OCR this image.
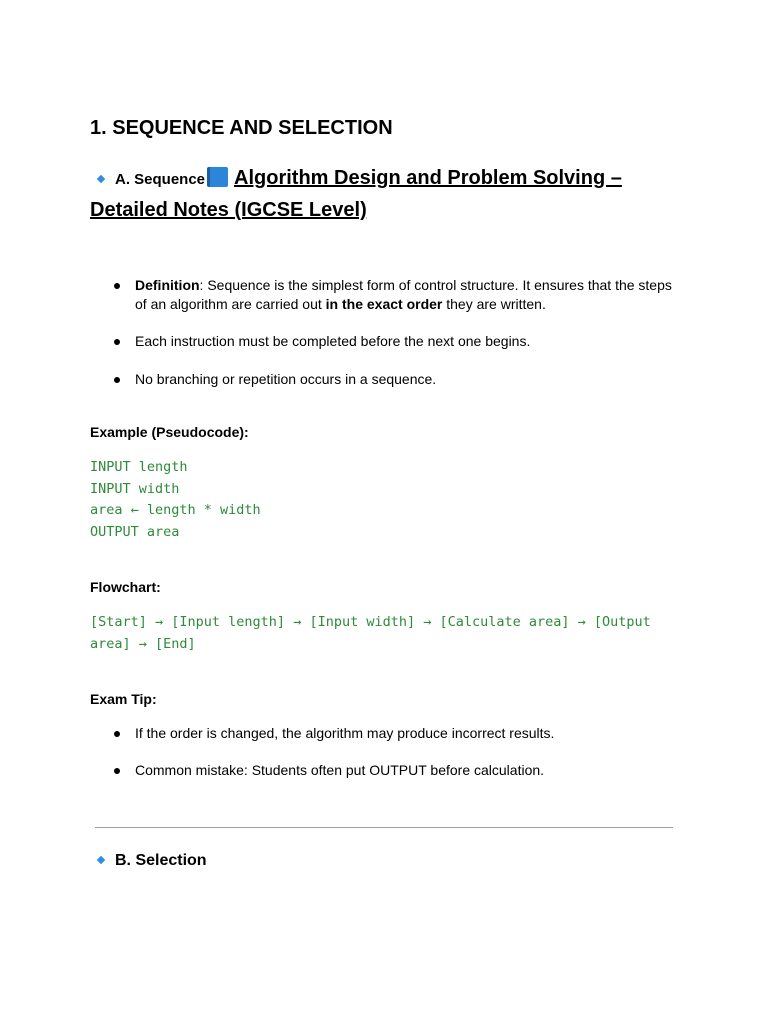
1. SEQUENCE AND SELECTION
A. Sequence Algorithm Design and Problem Solving – Detailed Notes (IGCSE Level)
Definition: Sequence is the simplest form of control structure. It ensures that the steps of an algorithm are carried out in the exact order they are written.
Each instruction must be completed before the next one begins.
No branching or repetition occurs in a sequence.
Example (Pseudocode):
INPUT length
INPUT width
area ← length * width
OUTPUT area
Flowchart:
[Start] → [Input length] → [Input width] → [Calculate area] → [Output area] → [End]
Exam Tip:
If the order is changed, the algorithm may produce incorrect results.
Common mistake: Students often put OUTPUT before calculation.
B. Selection
